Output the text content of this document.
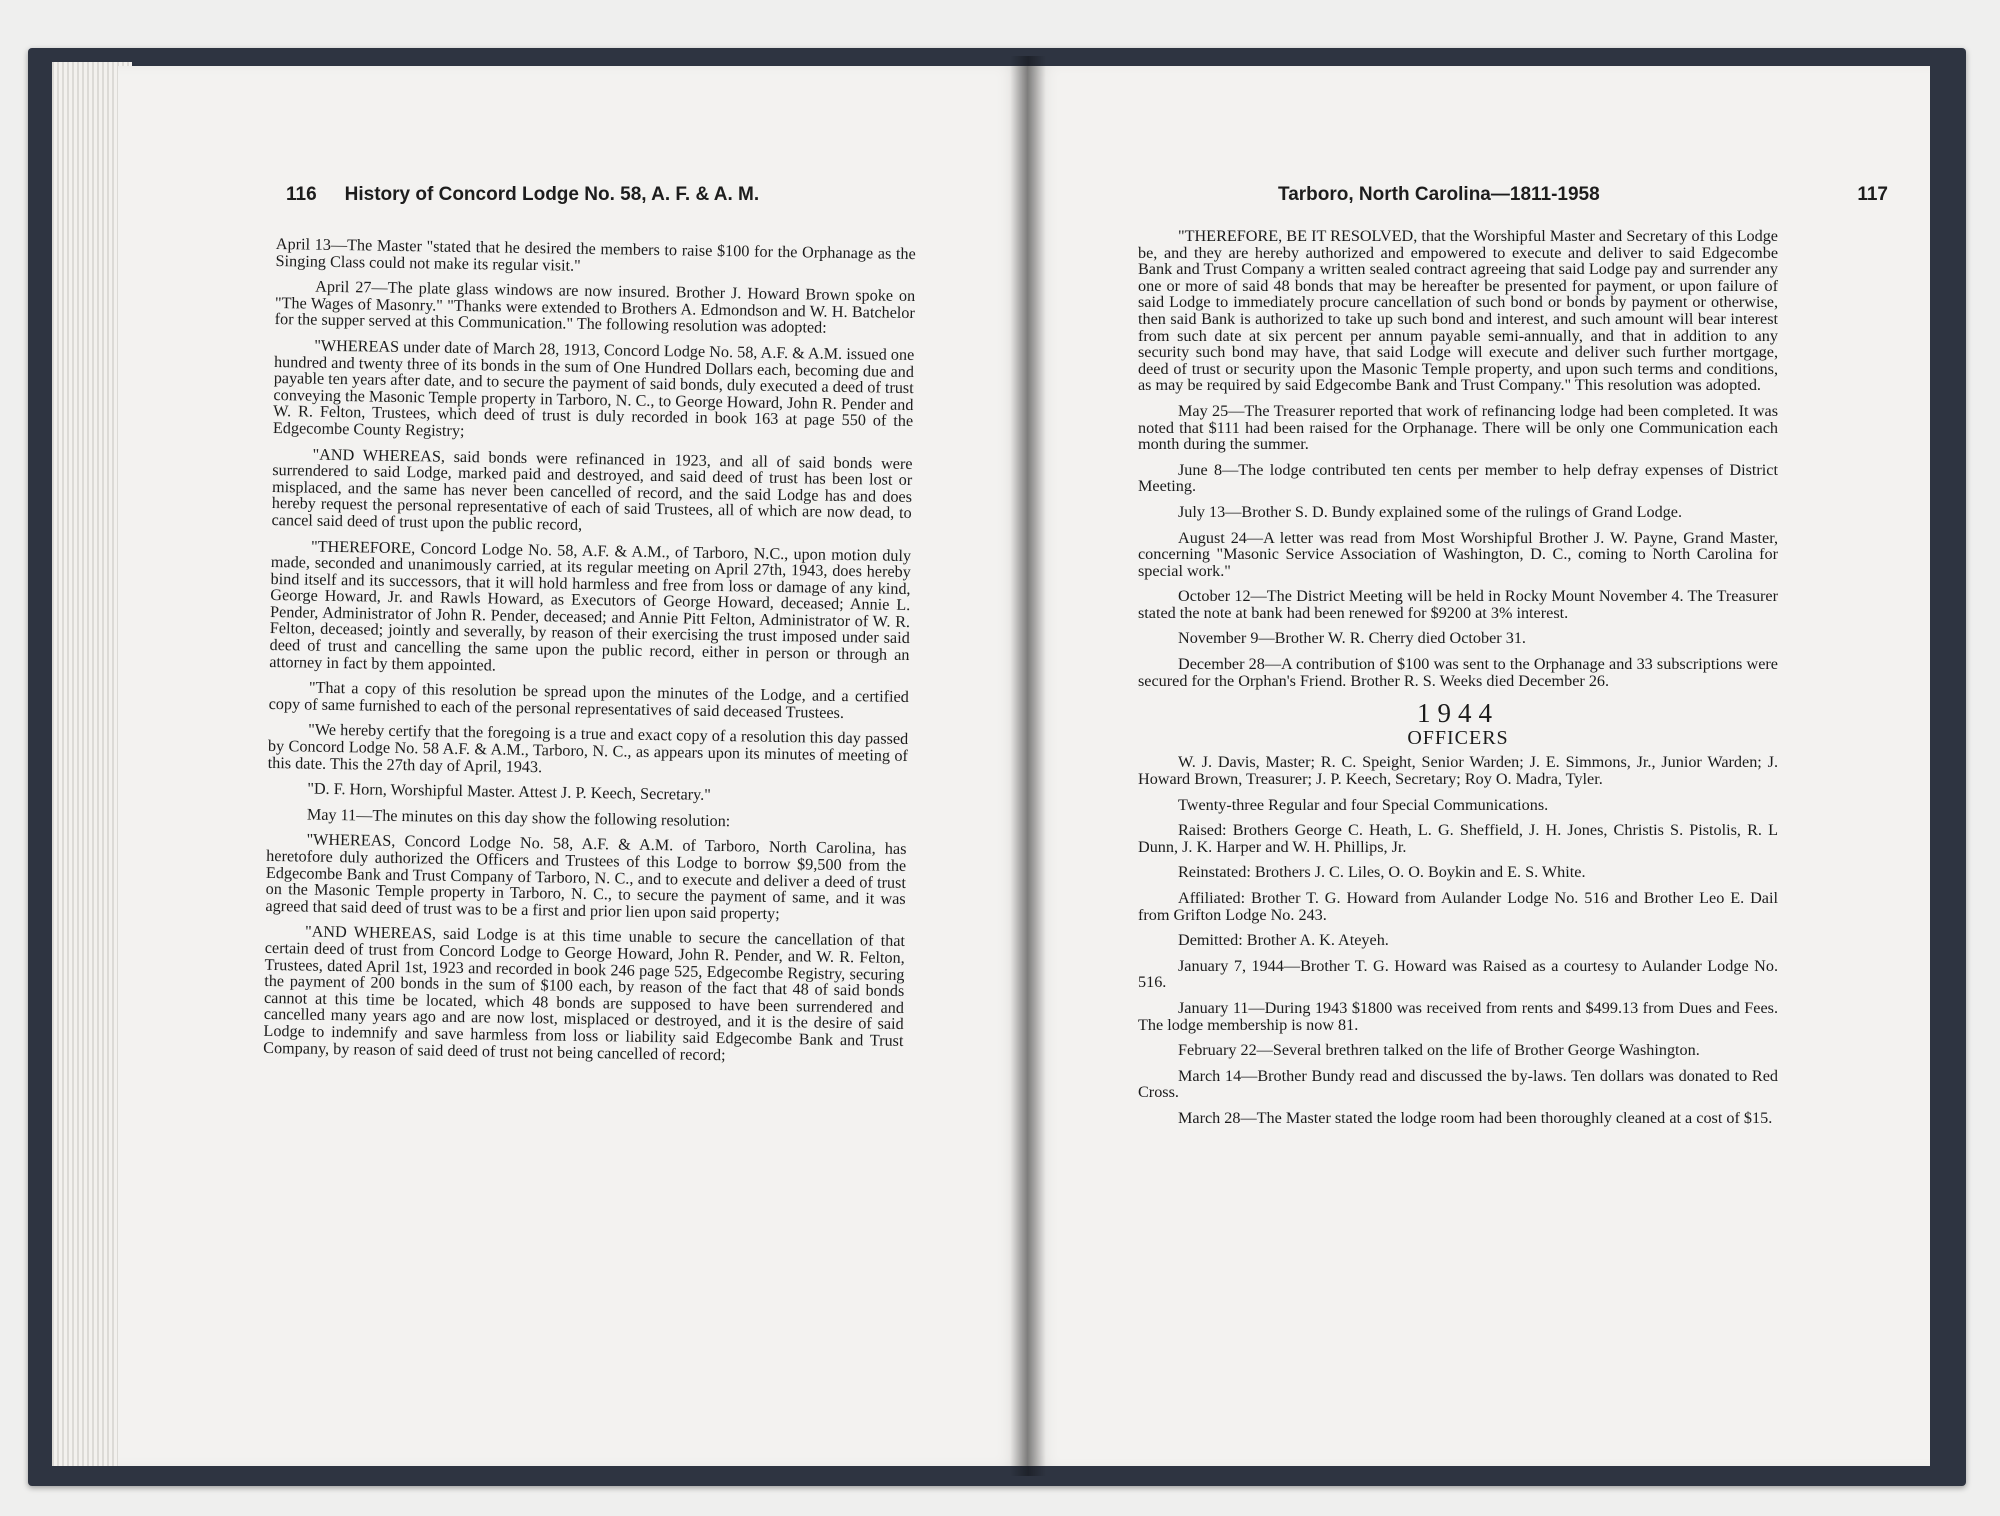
116 History of Concord Lodge No. 58, A. F. & A. M.

April 13—The Master "stated that he desired the members to raise $100 for the Orphanage as the Singing Class could not make its regular visit."

April 27—The plate glass windows are now insured. Brother J. Howard Brown spoke on "The Wages of Masonry." "Thanks were extended to Brothers A. Edmondson and W. H. Batchelor for the supper served at this Communication." The following resolution was adopted:

"WHEREAS under date of March 28, 1913, Concord Lodge No. 58, A.F. & A.M. issued one hundred and twenty three of its bonds in the sum of One Hundred Dollars each, becoming due and payable ten years after date, and to secure the payment of said bonds, duly executed a deed of trust conveying the Masonic Temple property in Tarboro, N. C., to George Howard, John R. Pender and W. R. Felton, Trustees, which deed of trust is duly recorded in book 163 at page 550 of the Edgecombe County Registry;

"AND WHEREAS, said bonds were refinanced in 1923, and all of said bonds were surrendered to said Lodge, marked paid and destroyed, and said deed of trust has been lost or misplaced, and the same has never been cancelled of record, and the said Lodge has and does hereby request the personal representative of each of said Trustees, all of which are now dead, to cancel said deed of trust upon the public record,

"THEREFORE, Concord Lodge No. 58, A.F. & A.M., of Tarboro, N.C., upon motion duly made, seconded and unanimously carried, at its regular meeting on April 27th, 1943, does hereby bind itself and its successors, that it will hold harmless and free from loss or damage of any kind, George Howard, Jr. and Rawls Howard, as Executors of George Howard, deceased; Annie L. Pender, Administrator of John R. Pender, deceased; and Annie Pitt Felton, Administrator of W. R. Felton, deceased; jointly and severally, by reason of their exercising the trust imposed under said deed of trust and cancelling the same upon the public record, either in person or through an attorney in fact by them appointed.

"That a copy of this resolution be spread upon the minutes of the Lodge, and a certified copy of same furnished to each of the personal representatives of said deceased Trustees.

"We hereby certify that the foregoing is a true and exact copy of a resolution this day passed by Concord Lodge No. 58 A.F. & A.M., Tarboro, N. C., as appears upon its minutes of meeting of this date. This the 27th day of April, 1943.

"D. F. Horn, Worshipful Master. Attest J. P. Keech, Secretary."

May 11—The minutes on this day show the following resolution:

"WHEREAS, Concord Lodge No. 58, A.F. & A.M. of Tarboro, North Carolina, has heretofore duly authorized the Officers and Trustees of this Lodge to borrow $9,500 from the Edgecombe Bank and Trust Company of Tarboro, N. C., and to execute and deliver a deed of trust on the Masonic Temple property in Tarboro, N. C., to secure the payment of same, and it was agreed that said deed of trust was to be a first and prior lien upon said property;

"AND WHEREAS, said Lodge is at this time unable to secure the cancellation of that certain deed of trust from Concord Lodge to George Howard, John R. Pender, and W. R. Felton, Trustees, dated April 1st, 1923 and recorded in book 246 page 525, Edgecombe Registry, securing the payment of 200 bonds in the sum of $100 each, by reason of the fact that 48 of said bonds cannot at this time be located, which 48 bonds are supposed to have been surrendered and cancelled many years ago and are now lost, misplaced or destroyed, and it is the desire of said Lodge to indemnify and save harmless from loss or liability said Edgecombe Bank and Trust Company, by reason of said deed of trust not being cancelled of record;

Tarboro, North Carolina—1811-1958	117

"THEREFORE, BE IT RESOLVED, that the Worshipful Master and Secretary of this Lodge be, and they are hereby authorized and empowered to execute and deliver to said Edgecombe Bank and Trust Company a written sealed contract agreeing that said Lodge pay and surrender any one or more of said 48 bonds that may be hereafter be presented for payment, or upon failure of said Lodge to immediately procure cancellation of such bond or bonds by payment or otherwise, then said Bank is authorized to take up such bond and interest, and such amount will bear interest from such date at six percent per annum payable semi-annually, and that in addition to any security such bond may have, that said Lodge will execute and deliver such further mortgage, deed of trust or security upon the Masonic Temple property, and upon such terms and conditions, as may be required by said Edgecombe Bank and Trust Company." This resolution was adopted.

May 25—The Treasurer reported that work of refinancing lodge had been completed. It was noted that $111 had been raised for the Orphanage. There will be only one Communication each month during the summer.

June 8—The lodge contributed ten cents per member to help defray expenses of District Meeting.

July 13—Brother S. D. Bundy explained some of the rulings of Grand Lodge.

August 24—A letter was read from Most Worshipful Brother J. W. Payne, Grand Master, concerning "Masonic Service Association of Washington, D. C., coming to North Carolina for special work."

October 12—The District Meeting will be held in Rocky Mount November 4. The Treasurer stated the note at bank had been renewed for $9200 at 3% interest.

November 9—Brother W. R. Cherry died October 31.

December 28—A contribution of $100 was sent to the Orphanage and 33 subscriptions were secured for the Orphan's Friend. Brother R. S. Weeks died December 26.

1944
OFFICERS

W. J. Davis, Master; R. C. Speight, Senior Warden; J. E. Simmons, Jr., Junior Warden; J. Howard Brown, Treasurer; J. P. Keech, Secretary; Roy O. Madra, Tyler.

Twenty-three Regular and four Special Communications.

Raised: Brothers George C. Heath, L. G. Sheffield, J. H. Jones, Christis S. Pistolis, R. L Dunn, J. K. Harper and W. H. Phillips, Jr.

Reinstated: Brothers J. C. Liles, O. O. Boykin and E. S. White.

Affiliated: Brother T. G. Howard from Aulander Lodge No. 516 and Brother Leo E. Dail from Grifton Lodge No. 243.

Demitted: Brother A. K. Ateyeh.

January 7, 1944—Brother T. G. Howard was Raised as a courtesy to Aulander Lodge No. 516.

January 11—During 1943 $1800 was received from rents and $499.13 from Dues and Fees. The lodge membership is now 81.

February 22—Several brethren talked on the life of Brother George Washington.

March 14—Brother Bundy read and discussed the by-laws. Ten dollars was donated to Red Cross.

March 28—The Master stated the lodge room had been thoroughly cleaned at a cost of $15.
